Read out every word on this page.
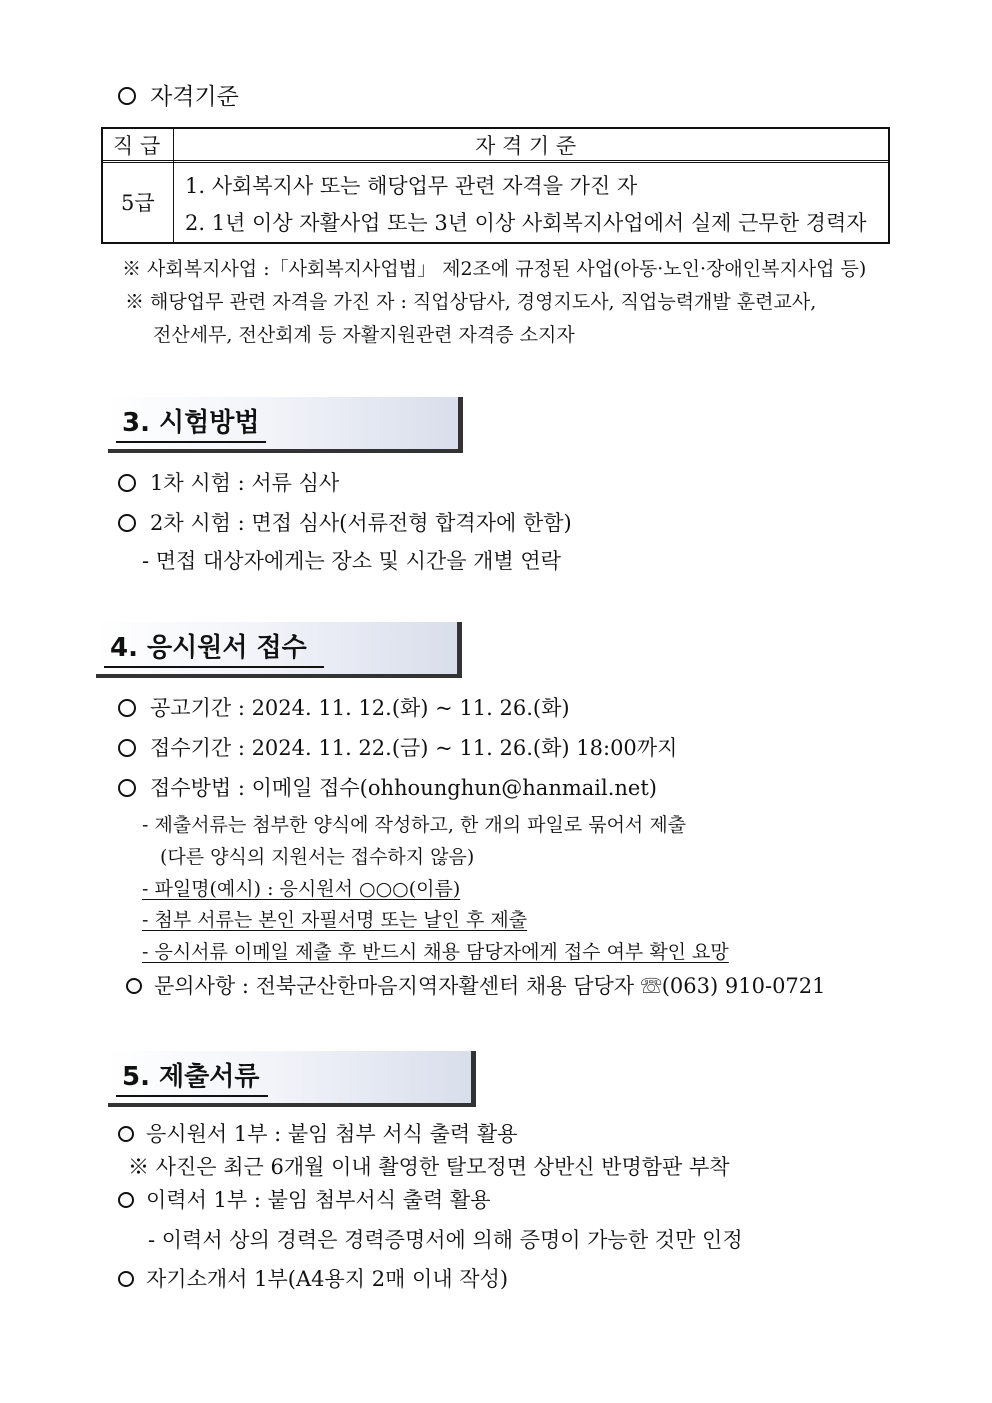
자격기준
직 급	자 격 기 준
5급
1. 사회복지사 또는 해당업무 관련 자격을 가진 자
2. 1년 이상 자활사업 또는 3년 이상 사회복지사업에서 실제 근무한 경력자
※ 사회복지사업 :「사회복지사업법」 제2조에 규정된 사업(아동·노인·장애인복지사업 등)
※ 해당업무 관련 자격을 가진 자 : 직업상담사, 경영지도사, 직업능력개발 훈련교사,
전산세무, 전산회계 등 자활지원관련 자격증 소지자
3. 시험방법
1차 시험 : 서류 심사
2차 시험 : 면접 심사(서류전형 합격자에 한함)
- 면접 대상자에게는 장소 및 시간을 개별 연락
4. 응시원서 접수
공고기간 : 2024. 11. 12.(화) ~ 11. 26.(화)
접수기간 : 2024. 11. 22.(금) ~ 11. 26.(화) 18:00까지
접수방법 : 이메일 접수(ohhounghun@hanmail.net)
- 제출서류는 첨부한 양식에 작성하고, 한 개의 파일로 묶어서 제출
(다른 양식의 지원서는 접수하지 않음)
- 파일명(예시) : 응시원서 ○○○(이름)
- 첨부 서류는 본인 자필서명 또는 날인 후 제출
- 응시서류 이메일 제출 후 반드시 채용 담당자에게 접수 여부 확인 요망
문의사항 : 전북군산한마음지역자활센터 채용 담당자 ☏(063) 910-0721
5. 제출서류
응시원서 1부 : 붙임 첨부 서식 출력 활용
※ 사진은 최근 6개월 이내 촬영한 탈모정면 상반신 반명함판 부착
이력서 1부 : 붙임 첨부서식 출력 활용
- 이력서 상의 경력은 경력증명서에 의해 증명이 가능한 것만 인정
자기소개서 1부(A4용지 2매 이내 작성)
